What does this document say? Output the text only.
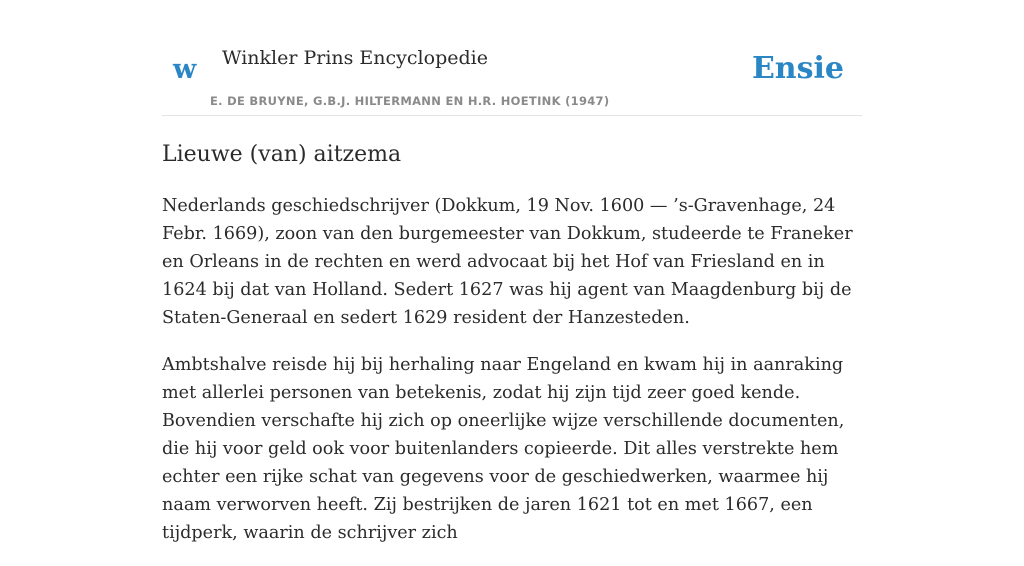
w Winkler Prins Encyclopedie
E. DE BRUYNE, G.B.J. HILTERMANN EN H.R. HOETINK (1947)
Ensie
Lieuwe (van) aitzema

Nederlands geschiedschrijver (Dokkum, 19 Nov. 1600 — ’s-Gravenhage, 24 Febr. 1669), zoon van den burgemeester van Dokkum, studeerde te Franeker en Orleans in de rechten en werd advocaat bij het Hof van Friesland en in 1624 bij dat van Holland. Sedert 1627 was hij agent van Maagdenburg bij de Staten-Generaal en sedert 1629 resident der Hanzesteden.

Ambtshalve reisde hij bij herhaling naar Engeland en kwam hij in aanraking met allerlei personen van betekenis, zodat hij zijn tijd zeer goed kende. Bovendien verschafte hij zich op oneerlijke wijze verschillende documenten, die hij voor geld ook voor buitenlanders copieerde. Dit alles verstrekte hem echter een rijke schat van gegevens voor de geschiedwerken, waarmee hij naam verworven heeft. Zij bestrijken de jaren 1621 tot en met 1667, een tijdperk, waarin de schrijver zich
